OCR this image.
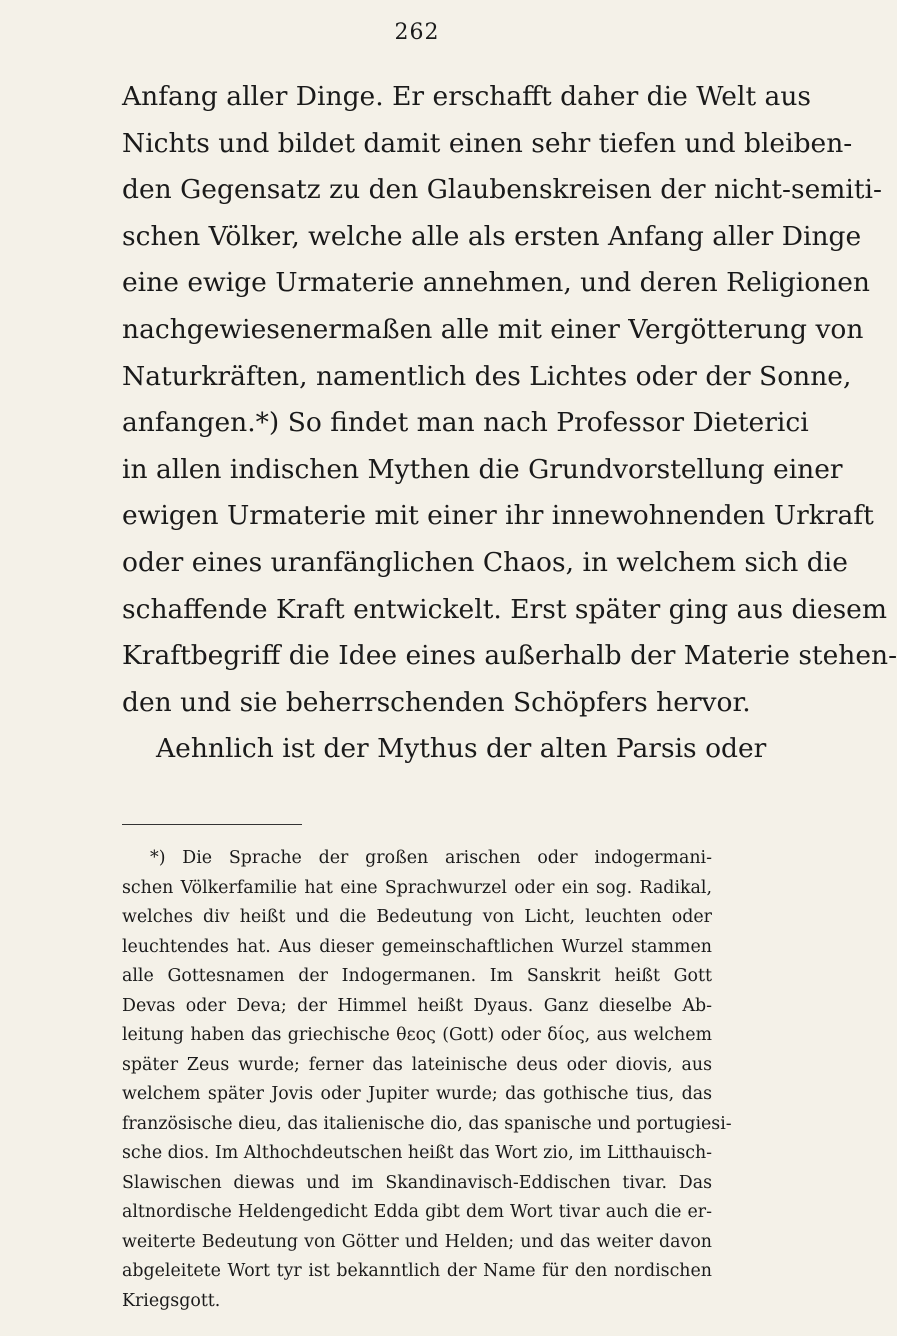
262
Anfang aller Dinge. Er erschafft daher die Welt aus
Nichts und bildet damit einen sehr tiefen und bleiben-
den Gegensatz zu den Glaubenskreisen der nicht-semiti-
schen Völker, welche alle als ersten Anfang aller Dinge
eine ewige Urmaterie annehmen, und deren Religionen
nachgewiesenermaßen alle mit einer Vergötterung von
Naturkräften, namentlich des Lichtes oder der Sonne,
anfangen.*) So findet man nach Professor Dieterici
in allen indischen Mythen die Grundvorstellung einer
ewigen Urmaterie mit einer ihr innewohnenden Urkraft
oder eines uranfänglichen Chaos, in welchem sich die
schaffende Kraft entwickelt. Erst später ging aus diesem
Kraftbegriff die Idee eines außerhalb der Materie stehen-
den und sie beherrschenden Schöpfers hervor.
Aehnlich ist der Mythus der alten Parsis oder
*) Die Sprache der großen arischen oder indogermani-
schen Völkerfamilie hat eine Sprachwurzel oder ein sog. Radikal,
welches div heißt und die Bedeutung von Licht, leuchten oder
leuchtendes hat. Aus dieser gemeinschaftlichen Wurzel stammen
alle Gottesnamen der Indogermanen. Im Sanskrit heißt Gott
Devas oder Deva; der Himmel heißt Dyaus. Ganz dieselbe Ab-
leitung haben das griechische θεος (Gott) oder δίος, aus welchem
später Zeus wurde; ferner das lateinische deus oder diovis, aus
welchem später Jovis oder Jupiter wurde; das gothische tius, das
französische dieu, das italienische dio, das spanische und portugiesi-
sche dios. Im Althochdeutschen heißt das Wort zio, im Litthauisch-
Slawischen diewas und im Skandinavisch-Eddischen tivar. Das
altnordische Heldengedicht Edda gibt dem Wort tivar auch die er-
weiterte Bedeutung von Götter und Helden; und das weiter davon
abgeleitete Wort tyr ist bekanntlich der Name für den nordischen
Kriegsgott.
